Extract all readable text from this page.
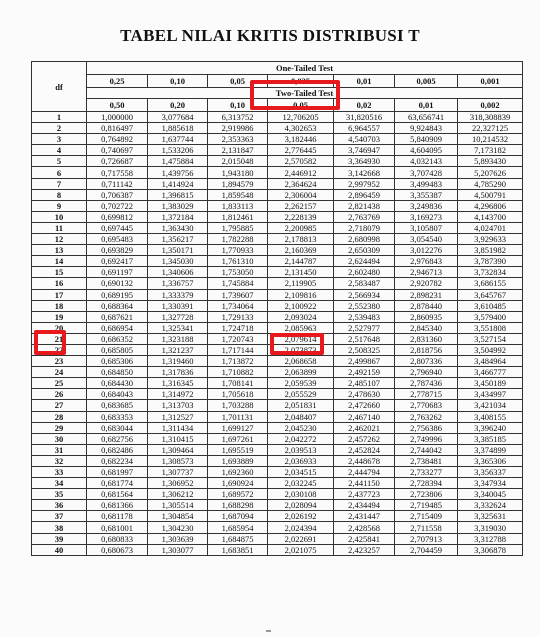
TABEL NILAI KRITIS DISTRIBUSI T
df	One-Tailed Test						
	0,25	0,10	0,05	0,025	0,01	0,005	0,001
	Two-Tailed Test						
	0,50	0,20	0,10	0,05	0,02	0,01	0,002
1	1,000000	3,077684	6,313752	12,706205	31,820516	63,656741	318,308839
2	0,816497	1,885618	2,919986	4,302653	6,964557	9,924843	22,327125
3	0,764892	1,637744	2,353363	3,182446	4,540703	5,840909	10,214532
4	0,740697	1,533206	2,131847	2,776445	3,746947	4,604095	7,173182
5	0,726687	1,475884	2,015048	2,570582	3,364930	4,032143	5,893430
6	0,717558	1,439756	1,943180	2,446912	3,142668	3,707428	5,207626
7	0,711142	1,414924	1,894579	2,364624	2,997952	3,499483	4,785290
8	0,706387	1,396815	1,859548	2,306004	2,896459	3,355387	4,500791
9	0,702722	1,383029	1,833113	2,262157	2,821438	3,249836	4,296806
10	0,699812	1,372184	1,812461	2,228139	2,763769	3,169273	4,143700
11	0,697445	1,363430	1,795885	2,200985	2,718079	3,105807	4,024701
12	0,695483	1,356217	1,782288	2,178813	2,680998	3,054540	3,929633
13	0,693829	1,350171	1,770933	2,160369	2,650309	3,012276	3,851982
14	0,692417	1,345030	1,761310	2,144787	2,624494	2,976843	3,787390
15	0,691197	1,340606	1,753050	2,131450	2,602480	2,946713	3,732834
16	0,690132	1,336757	1,745884	2,119905	2,583487	2,920782	3,686155
17	0,689195	1,333379	1,739607	2,109816	2,566934	2,898231	3,645767
18	0,688364	1,330391	1,734064	2,100922	2,552380	2,878440	3,610485
19	0,687621	1,327728	1,729133	2,093024	2,539483	2,860935	3,579400
20	0,686954	1,325341	1,724718	2,085963	2,527977	2,845340	3,551808
21	0,686352	1,323188	1,720743	2,079614	2,517648	2,831360	3,527154
22	0,685805	1,321237	1,717144	2,073873	2,508325	2,818756	3,504992
23	0,685306	1,319460	1,713872	2,068658	2,499867	2,807336	3,484964
24	0,684850	1,317836	1,710882	2,063899	2,492159	2,796940	3,466777
25	0,684430	1,316345	1,708141	2,059539	2,485107	2,787436	3,450189
26	0,684043	1,314972	1,705618	2,055529	2,478630	2,778715	3,434997
27	0,683685	1,313703	1,703288	2,051831	2,472660	2,770683	3,421034
28	0,683353	1,312527	1,701131	2,048407	2,467140	2,763262	3,408155
29	0,683044	1,311434	1,699127	2,045230	2,462021	2,756386	3,396240
30	0,682756	1,310415	1,697261	2,042272	2,457262	2,749996	3,385185
31	0,682486	1,309464	1,695519	2,039513	2,452824	2,744042	3,374899
32	0,682234	1,308573	1,693889	2,036933	2,448678	2,738481	3,365306
33	0,681997	1,307737	1,692360	2,034515	2,444794	2,733277	3,356337
34	0,681774	1,306952	1,690924	2,032245	2,441150	2,728394	3,347934
35	0,681564	1,306212	1,689572	2,030108	2,437723	2,723806	3,340045
36	0,681366	1,305514	1,688298	2,028094	2,434494	2,719485	3,332624
37	0,681178	1,304854	1,687094	2,026192	2,431447	2,715409	3,325631
38	0,681001	1,304230	1,685954	2,024394	2,428568	2,711558	3,319030
39	0,680833	1,303639	1,684875	2,022691	2,425841	2,707913	3,312788
40	0,680673	1,303077	1,683851	2,021075	2,423257	2,704459	3,306878
